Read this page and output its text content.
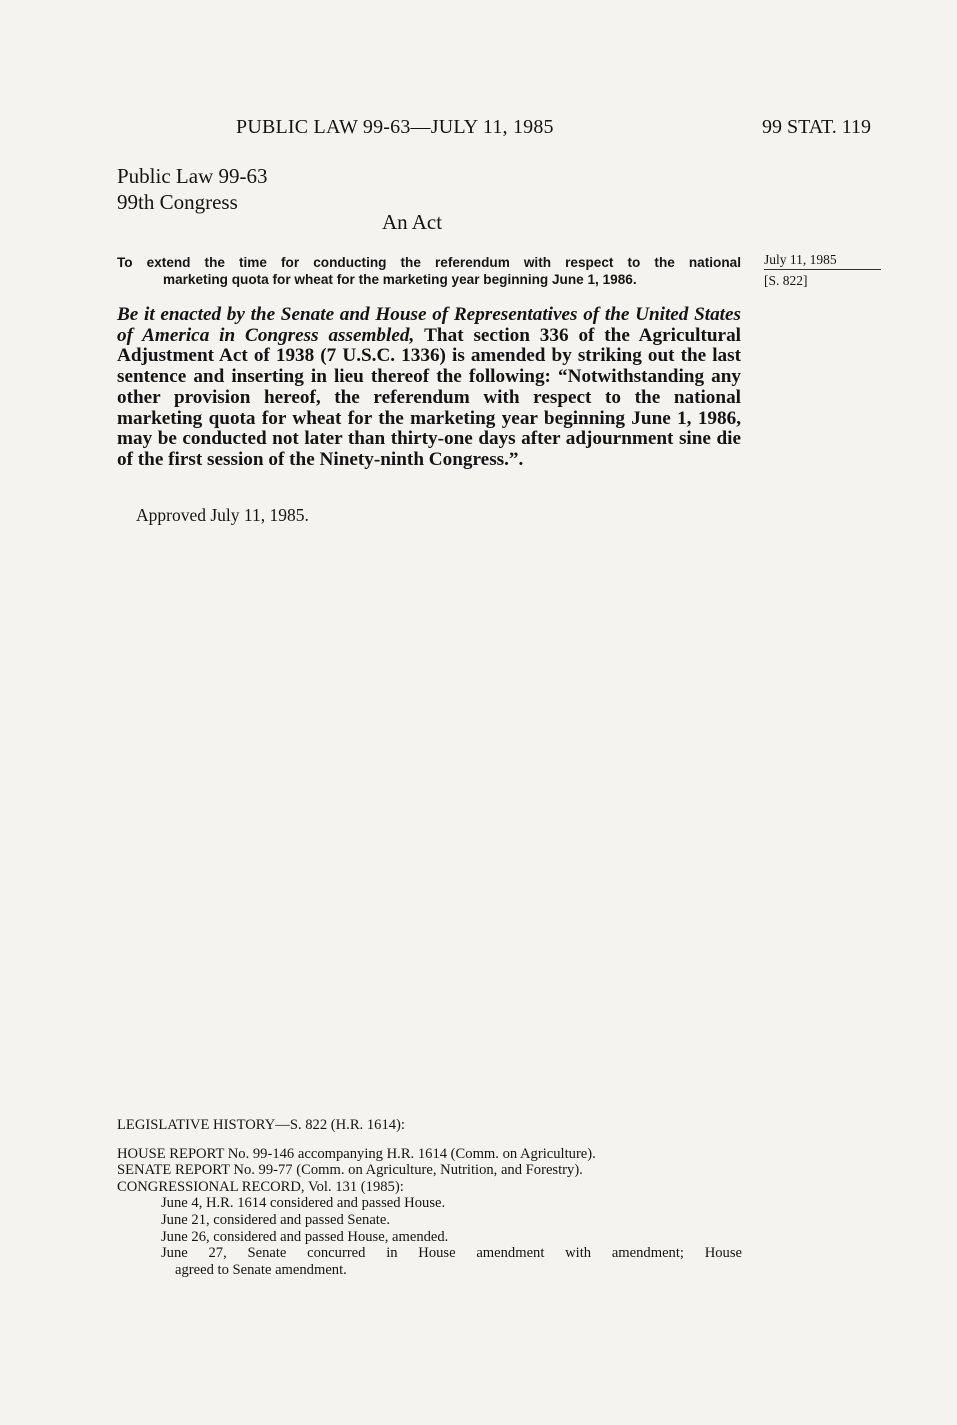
PUBLIC LAW 99-63—JULY 11, 1985	99 STAT. 119
Public Law 99-63
99th Congress
An Act
To extend the time for conducting the referendum with respect to the national
marketing quota for wheat for the marketing year beginning June 1, 1986.
July 11, 1985
[S. 822]
Be it enacted by the Senate and House of Representatives of the United States of America in Congress assembled, That section 336 of the Agricultural Adjustment Act of 1938 (7 U.S.C. 1336) is amended by striking out the last sentence and inserting in lieu thereof the following: “Notwithstanding any other provision hereof, the referendum with respect to the national marketing quota for wheat for the marketing year beginning June 1, 1986, may be conducted not later than thirty-one days after adjournment sine die of the first session of the Ninety-ninth Congress.”.
Approved July 11, 1985.
LEGISLATIVE HISTORY—S. 822 (H.R. 1614):
HOUSE REPORT No. 99-146 accompanying H.R. 1614 (Comm. on Agriculture).
SENATE REPORT No. 99-77 (Comm. on Agriculture, Nutrition, and Forestry).
CONGRESSIONAL RECORD, Vol. 131 (1985):
June 4, H.R. 1614 considered and passed House.
June 21, considered and passed Senate.
June 26, considered and passed House, amended.
June 27, Senate concurred in House amendment with amendment; House
agreed to Senate amendment.
